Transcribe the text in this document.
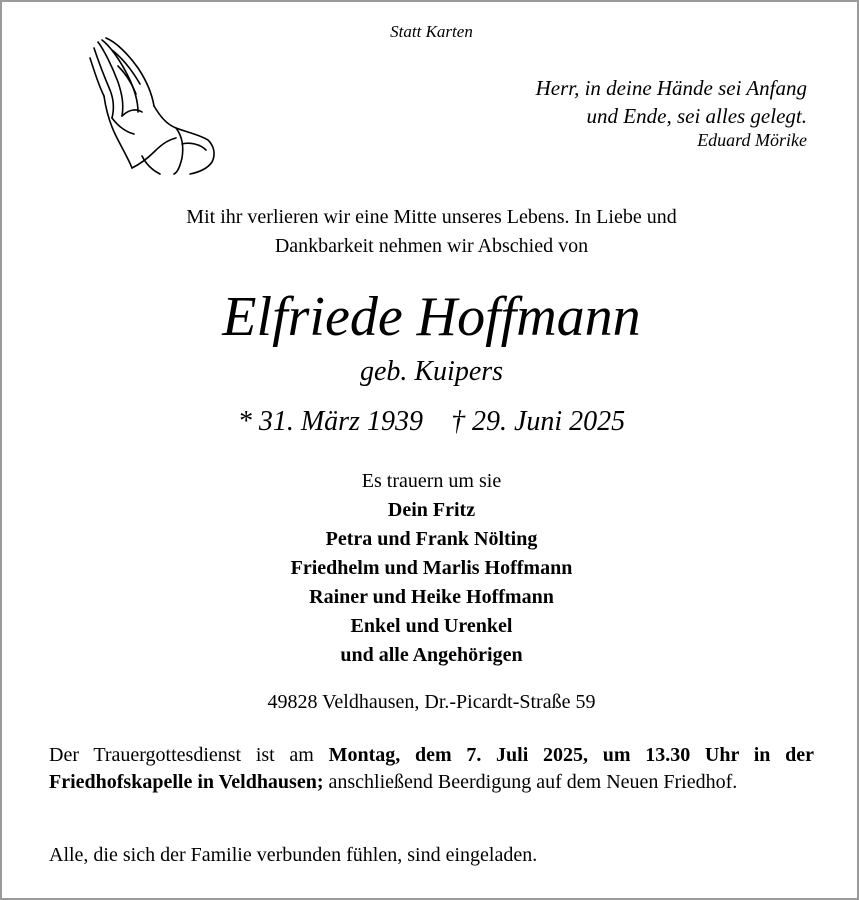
Statt Karten
Herr, in deine Hände sei Anfang
und Ende, sei alles gelegt.
Eduard Mörike
Mit ihr verlieren wir eine Mitte unseres Lebens. In Liebe und
Dankbarkeit nehmen wir Abschied von
Elfriede Hoffmann
geb. Kuipers
* 31. März 1939    † 29. Juni 2025
Es trauern um sie
Dein Fritz
Petra und Frank Nölting
Friedhelm und Marlis Hoffmann
Rainer und Heike Hoffmann
Enkel und Urenkel
und alle Angehörigen
49828 Veldhausen, Dr.-Picardt-Straße 59
Der Trauergottesdienst ist am Montag, dem 7. Juli 2025, um 13.30 Uhr in der Friedhofskapelle in Veldhausen; anschließend Beerdigung auf dem Neuen Friedhof.
Alle, die sich der Familie verbunden fühlen, sind eingeladen.
